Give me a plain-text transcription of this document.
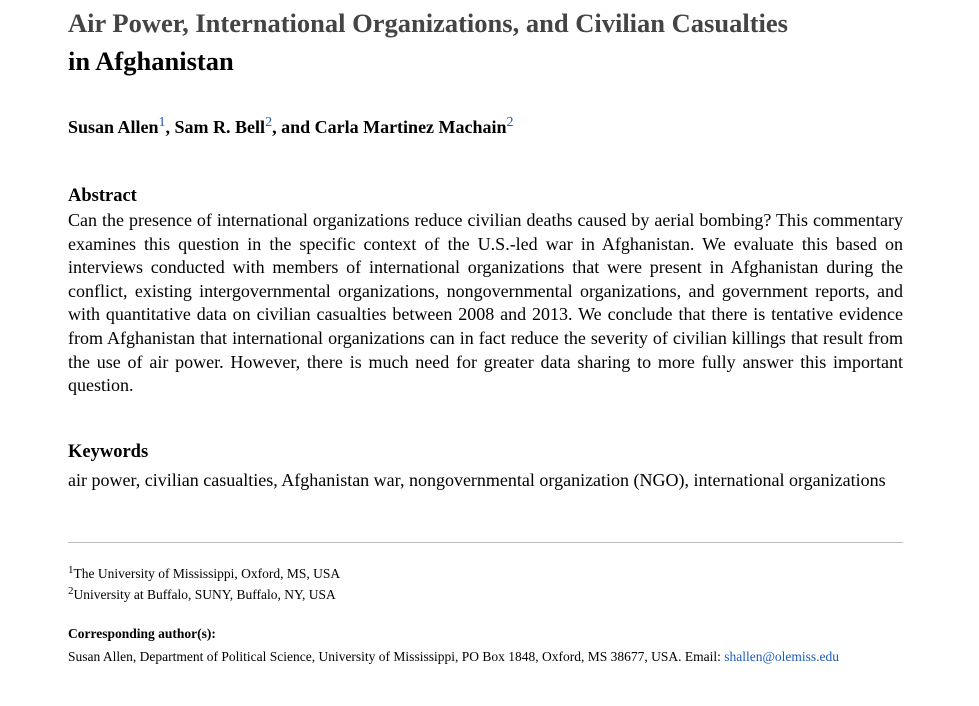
Air Power, International Organizations, and Civilian Casualties
in Afghanistan

Susan Allen$^1$, Sam R. Bell$^2$, and Carla Martinez Machain$^2$

Abstract

Can the presence of international organizations reduce civilian deaths caused by aerial bombing? This commentary examines this question in the specific context of the U.S.-led war in Afghanistan. We evaluate this based on interviews conducted with members of international organizations that were present in Afghanistan during the conflict, existing intergovernmental organizations, nongovernmental organizations, and government reports, and with quantitative data on civilian casualties between 2008 and 2013. We conclude that there is tentative evidence from Afghanistan that international organizations can in fact reduce the severity of civilian killings that result from the use of air power. However, there is much need for greater data sharing to more fully answer this important question.

Keywords

air power, civilian casualties, Afghanistan war, nongovernmental organization (NGO), international organizations

$^1$The University of Mississippi, Oxford, MS, USA
$^2$University at Buffalo, SUNY, Buffalo, NY, USA

Corresponding author(s):

Susan Allen, Department of Political Science, University of Mississippi, PO Box 1848, Oxford, MS 38677, USA. Email: shallen@olemiss.edu
